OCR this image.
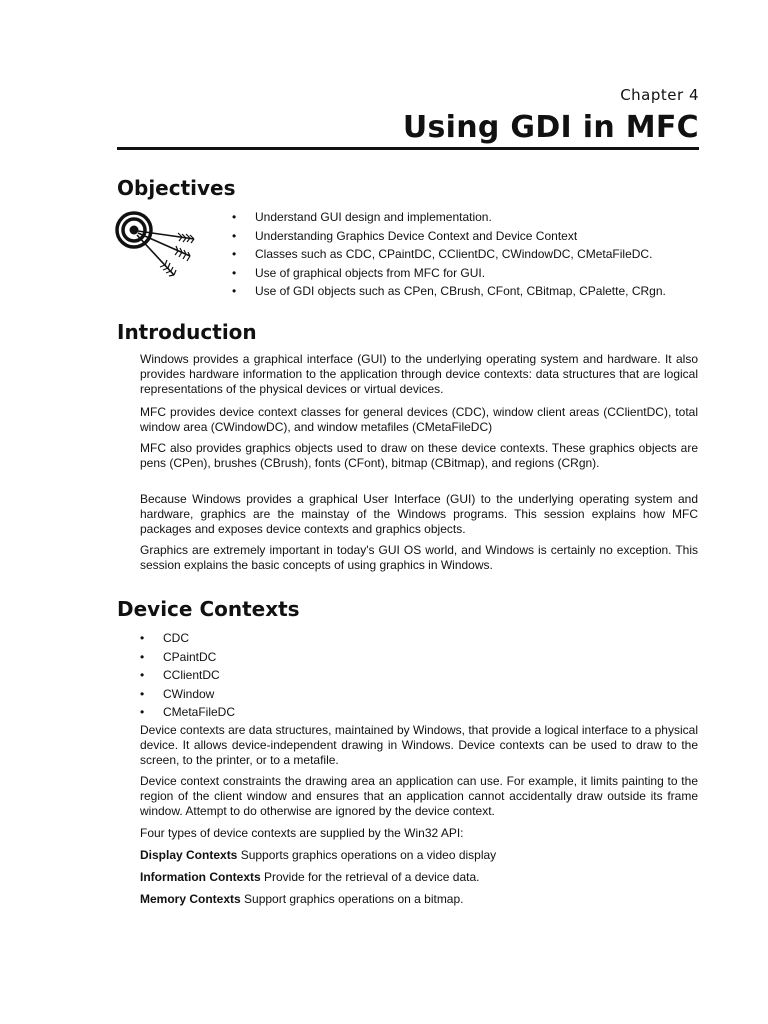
Chapter 4
Using GDI in MFC
Objectives
• Understand GUI design and implementation.
• Understanding Graphics Device Context and Device Context
• Classes such as CDC, CPaintDC, CClientDC, CWindowDC, CMetaFileDC.
• Use of graphical objects from MFC for GUI.
• Use of GDI objects such as CPen, CBrush, CFont, CBitmap, CPalette, CRgn.
Introduction

Windows provides a graphical interface (GUI) to the underlying operating system and hardware. It also provides hardware information to the application through device contexts: data structures that are logical representations of the physical devices or virtual devices.

MFC provides device context classes for general devices (CDC), window client areas (CClientDC), total window area (CWindowDC), and window metafiles (CMetaFileDC)

MFC also provides graphics objects used to draw on these device contexts. These graphics objects are pens (CPen), brushes (CBrush), fonts (CFont), bitmap (CBitmap), and regions (CRgn).

Because Windows provides a graphical User Interface (GUI) to the underlying operating system and hardware, graphics are the mainstay of the Windows programs. This session explains how MFC packages and exposes device contexts and graphics objects.

Graphics are extremely important in today's GUI OS world, and Windows is certainly no exception. This session explains the basic concepts of using graphics in Windows.

Device Contexts
• CDC
• CPaintDC
• CClientDC
• CWindow
• CMetaFileDC

Device contexts are data structures, maintained by Windows, that provide a logical interface to a physical device. It allows device-independent drawing in Windows. Device contexts can be used to draw to the screen, to the printer, or to a metafile.

Device context constraints the drawing area an application can use. For example, it limits painting to the region of the client window and ensures that an application cannot accidentally draw outside its frame window. Attempt to do otherwise are ignored by the device context.

Four types of device contexts are supplied by the Win32 API:

Display Contexts Supports graphics operations on a video display

Information Contexts Provide for the retrieval of a device data.

Memory Contexts Support graphics operations on a bitmap.
